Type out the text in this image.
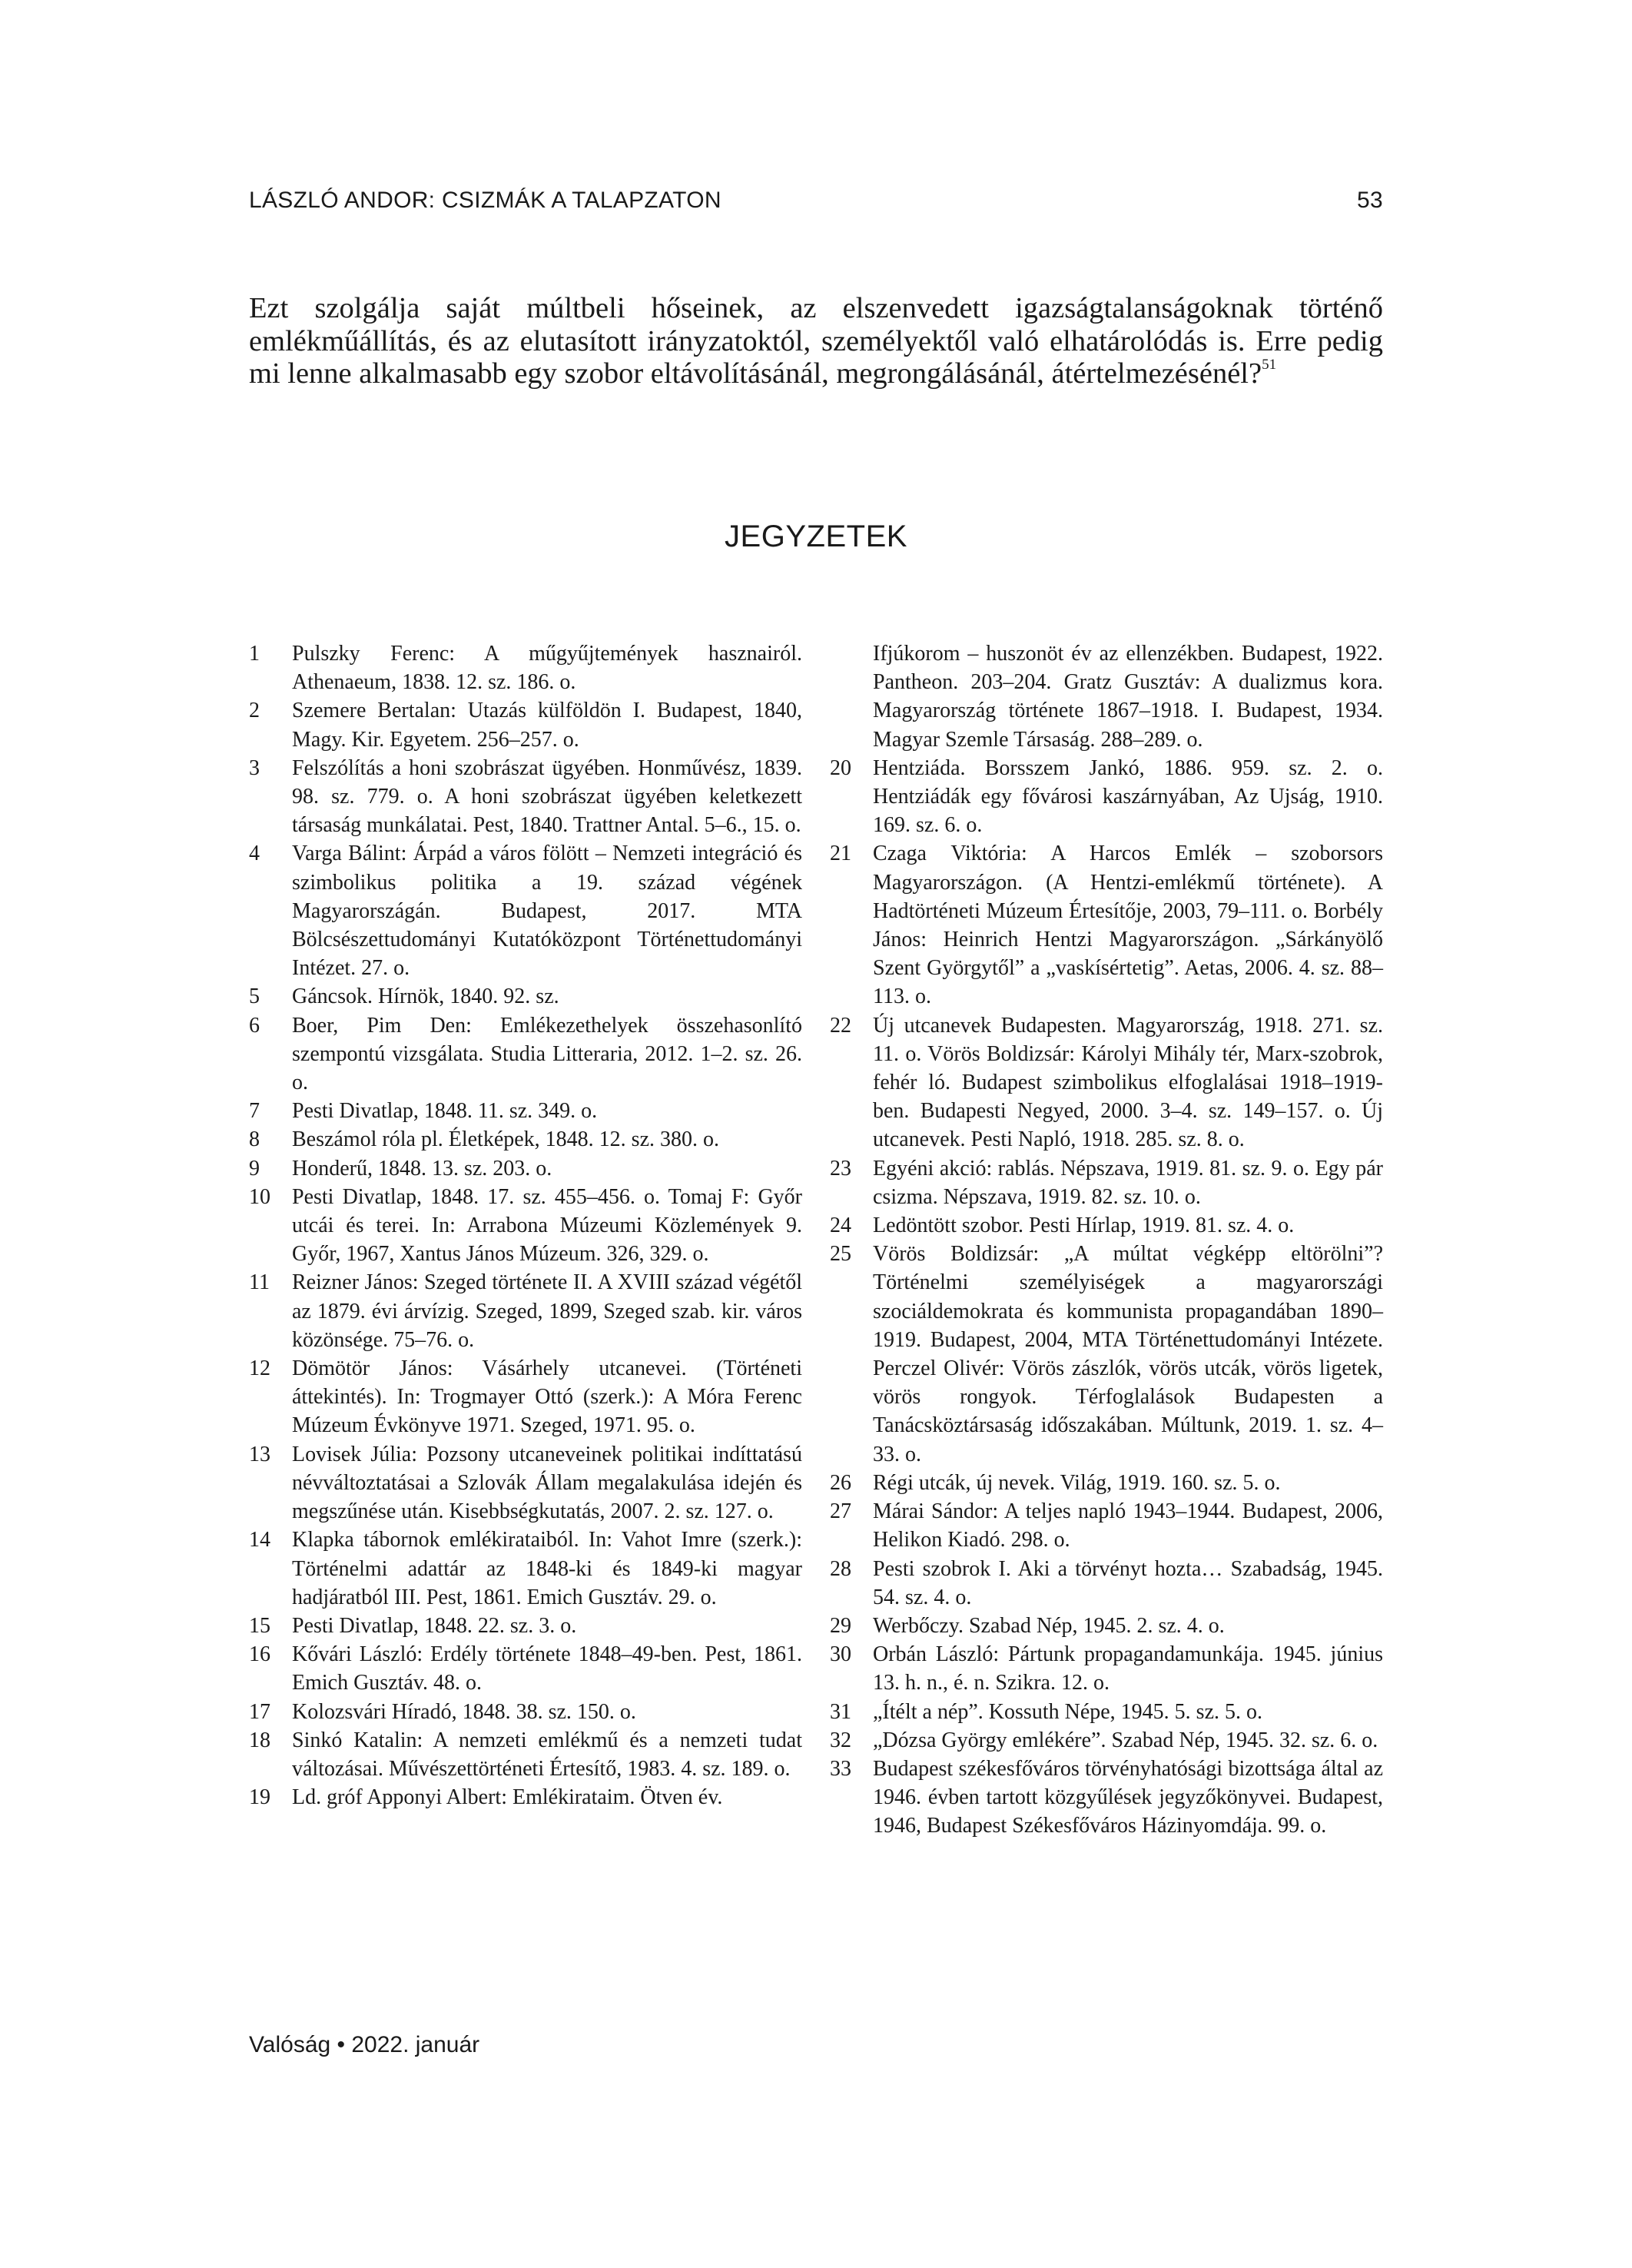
LÁSZLÓ ANDOR: CSIZMÁK A TALAPZATON	53
Ezt szolgálja saját múltbeli hőseinek, az elszenvedett igazságtalanságoknak történő emlékműállítás, és az elutasított irányzatoktól, személyektől való elhatárolódás is. Erre pedig mi lenne alkalmasabb egy szobor eltávolításánál, megrongálásánál, átértelmezésénél?$^{51}$
JEGYZETEK
1	Pulszky Ferenc: A műgyűjtemények hasznairól. Athenaeum, 1838. 12. sz. 186. o.
2	Szemere Bertalan: Utazás külföldön I. Budapest, 1840, Magy. Kir. Egyetem. 256–257. o.
3	Felszólítás a honi szobrászat ügyében. Honművész, 1839. 98. sz. 779. o. A honi szobrászat ügyében keletkezett társaság munkálatai. Pest, 1840. Trattner Antal. 5–6., 15. o.
4	Varga Bálint: Árpád a város fölött – Nemzeti integráció és szimbolikus politika a 19. század végének Magyarországán. Budapest, 2017. MTA Bölcsészettudományi Kutatóközpont Történettudományi Intézet. 27. o.
5	Gáncsok. Hírnök, 1840. 92. sz.
6	Boer, Pim Den: Emlékezethelyek összehasonlító szempontú vizsgálata. Studia Litteraria, 2012. 1–2. sz. 26. o.
7	Pesti Divatlap, 1848. 11. sz. 349. o.
8	Beszámol róla pl. Életképek, 1848. 12. sz. 380. o.
9	Honderű, 1848. 13. sz. 203. o.
10	Pesti Divatlap, 1848. 17. sz. 455–456. o. Tomaj F: Győr utcái és terei. In: Arrabona Múzeumi Közlemények 9. Győr, 1967, Xantus János Múzeum. 326, 329. o.
11	Reizner János: Szeged története II. A XVIII század végétől az 1879. évi árvízig. Szeged, 1899, Szeged szab. kir. város közönsége. 75–76. o.
12	Dömötör János: Vásárhely utcanevei. (Történeti áttekintés). In: Trogmayer Ottó (szerk.): A Móra Ferenc Múzeum Évkönyve 1971. Szeged, 1971. 95. o.
13	Lovisek Júlia: Pozsony utcaneveinek politikai indíttatású névváltoztatásai a Szlovák Állam megalakulása idején és megszűnése után. Kisebbségkutatás, 2007. 2. sz. 127. o.
14	Klapka tábornok emlékirataiból. In: Vahot Imre (szerk.): Történelmi adattár az 1848-ki és 1849-ki magyar hadjáratból III. Pest, 1861. Emich Gusztáv. 29. o.
15	Pesti Divatlap, 1848. 22. sz. 3. o.
16	Kővári László: Erdély története 1848–49-ben. Pest, 1861. Emich Gusztáv. 48. o.
17	Kolozsvári Híradó, 1848. 38. sz. 150. o.
18	Sinkó Katalin: A nemzeti emlékmű és a nemzeti tudat változásai. Művészettörténeti Értesítő, 1983. 4. sz. 189. o.
19	Ld. gróf Apponyi Albert: Emlékirataim. Ötven év.
Ifjúkorom – huszonöt év az ellenzékben. Budapest, 1922. Pantheon. 203–204. Gratz Gusztáv: A dualizmus kora. Magyarország története 1867–1918. I. Budapest, 1934. Magyar Szemle Társaság. 288–289. o.
20	Hentziáda. Borsszem Jankó, 1886. 959. sz. 2. o. Hentziádák egy fővárosi kaszárnyában, Az Ujság, 1910. 169. sz. 6. o.
21	Czaga Viktória: A Harcos Emlék – szoborsors Magyarországon. (A Hentzi-emlékmű története). A Hadtörténeti Múzeum Értesítője, 2003, 79–111. o. Borbély János: Heinrich Hentzi Magyarországon. „Sárkányölő Szent Györgytől” a „vaskísértetig”. Aetas, 2006. 4. sz. 88–113. o.
22	Új utcanevek Budapesten. Magyarország, 1918. 271. sz. 11. o. Vörös Boldizsár: Károlyi Mihály tér, Marx-szobrok, fehér ló. Budapest szimbolikus elfoglalásai 1918–1919-ben. Budapesti Negyed, 2000. 3–4. sz. 149–157. o. Új utcanevek. Pesti Napló, 1918. 285. sz. 8. o.
23	Egyéni akció: rablás. Népszava, 1919. 81. sz. 9. o. Egy pár csizma. Népszava, 1919. 82. sz. 10. o.
24	Ledöntött szobor. Pesti Hírlap, 1919. 81. sz. 4. o.
25	Vörös Boldizsár: „A múltat végképp eltörölni”? Történelmi személyiségek a magyarországi szociáldemokrata és kommunista propagandában 1890–1919. Budapest, 2004, MTA Történettudományi Intézete. Perczel Olivér: Vörös zászlók, vörös utcák, vörös ligetek, vörös rongyok. Térfoglalások Budapesten a Tanácsköztársaság időszakában. Múltunk, 2019. 1. sz. 4–33. o.
26	Régi utcák, új nevek. Világ, 1919. 160. sz. 5. o.
27	Márai Sándor: A teljes napló 1943–1944. Budapest, 2006, Helikon Kiadó. 298. o.
28	Pesti szobrok I. Aki a törvényt hozta… Szabadság, 1945. 54. sz. 4. o.
29	Werbőczy. Szabad Nép, 1945. 2. sz. 4. o.
30	Orbán László: Pártunk propagandamunkája. 1945. június 13. h. n., é. n. Szikra. 12. o.
31	„Ítélt a nép”. Kossuth Népe, 1945. 5. sz. 5. o.
32	„Dózsa György emlékére”. Szabad Nép, 1945. 32. sz. 6. o.
33	Budapest székesfőváros törvényhatósági bizottsága által az 1946. évben tartott közgyűlések jegyzőkönyvei. Budapest, 1946, Budapest Székesfőváros Házinyomdája. 99. o.
Valóság • 2022. január
